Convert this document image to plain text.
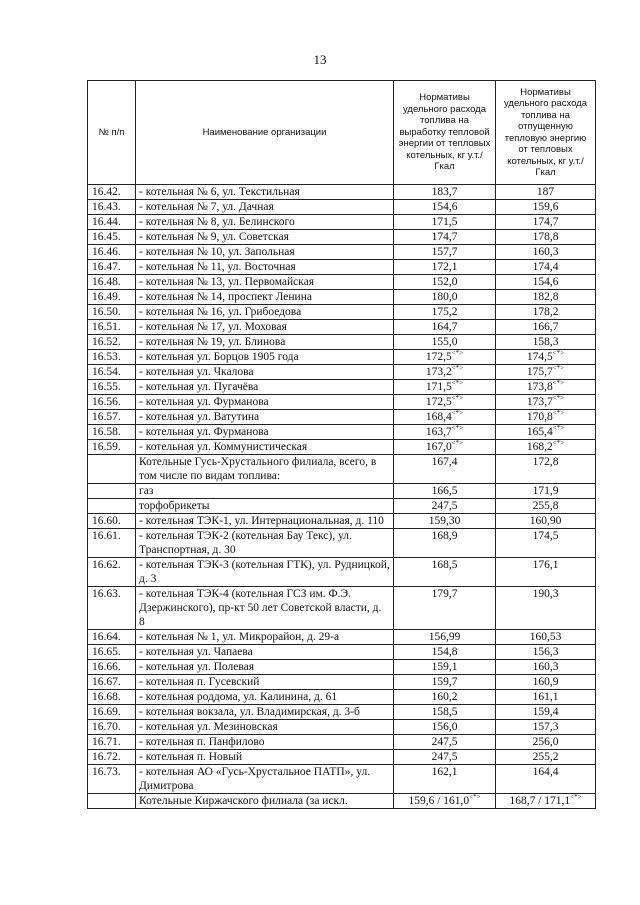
13
№ п/п	Наименование организации	Нормативы удельного расхода топлива на выработку тепловой энергии от тепловых котельных, кг у.т./Гкал	Нормативы удельного расхода топлива на отпущенную тепловую энергию от тепловых котельных, кг у.т./Гкал
16.42.	- котельная № 6, ул. Текстильная	183,7	187
16.43.	- котельная № 7, ул. Дачная	154,6	159,6
16.44.	- котельная № 8, ул. Белинского	171,5	174,7
16.45.	- котельная № 9, ул. Советская	174,7	178,8
16.46.	- котельная № 10, ул. Запольная	157,7	160,3
16.47.	- котельная № 11, ул. Восточная	172,1	174,4
16.48.	- котельная № 13, ул. Первомайская	152,0	154,6
16.49.	- котельная № 14, проспект Ленина	180,0	182,8
16.50.	- котельная № 16, ул. Грибоедова	175,2	178,2
16.51.	- котельная № 17, ул. Моховая	164,7	166,7
16.52.	- котельная № 19, ул. Блинова	155,0	158,3
16.53.	- котельная ул. Борцов 1905 года	172,5<*>	174,5<*>
16.54.	- котельная ул. Чкалова	173,2<*>	175,7<*>
16.55.	- котельная ул. Пугачёва	171,5<*>	173,8<*>
16.56.	- котельная ул. Фурманова	172,5<*>	173,7<*>
16.57.	- котельная ул. Ватутина	168,4<*>	170,8<*>
16.58.	- котельная ул. Фурманова	163,7<*>	165,4<*>
16.59.	- котельная ул. Коммунистическая	167,0<*>	168,2<*>
	Котельные Гусь-Хрустального филиала, всего, в том числе по видам топлива:	167,4	172,8
	газ	166,5	171,9
	торфобрикеты	247,5	255,8
16.60.	- котельная ТЭК-1, ул. Интернациональная, д. 110	159,30	160,90
16.61.	- котельная ТЭК-2 (котельная Бау Текс), ул. Транспортная, д. 30	168,9	174,5
16.62.	- котельная ТЭК-3 (котельная ГТК), ул. Рудницкой, д. 3	168,5	176,1
16.63.	- котельная ТЭК-4 (котельная ГСЗ им. Ф.Э. Дзержинского), пр-кт 50 лет Советской власти, д. 8	179,7	190,3
16.64.	- котельная № 1, ул. Микрорайон, д. 29-а	156,99	160,53
16.65.	- котельная ул. Чапаева	154,8	156,3
16.66.	- котельная ул. Полевая	159,1	160,3
16.67.	- котельная п. Гусевский	159,7	160,9
16.68.	- котельная роддома, ул. Калинина, д. 61	160,2	161,1
16.69.	- котельная вокзала, ул. Владимирская, д. 3-б	158,5	159,4
16.70.	- котельная ул. Мезиновская	156,0	157,3
16.71.	- котельная п. Панфилово	247,5	256,0
16.72.	- котельная п. Новый	247,5	255,2
16.73.	- котельная АО «Гусь-Хрустальное ПАТП», ул. Димитрова	162,1	164,4
	Котельные Киржачского филиала (за искл.	159,6 / 161,0<*>	168,7 / 171,1<*>
